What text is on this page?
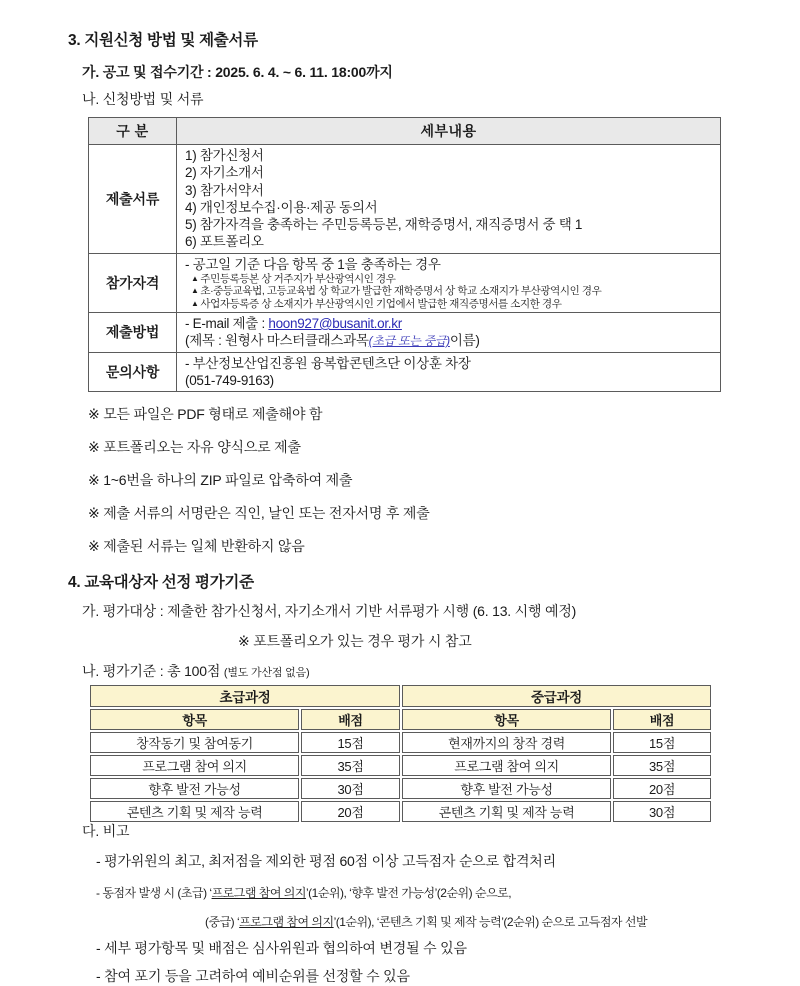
3. 지원신청 방법 및 제출서류
가. 공고 및 접수기간 : 2025. 6. 4. ~ 6. 11. 18:00까지
나. 신청방법 및 서류
구 분	세부내용
제출서류	
1) 참가신청서
2) 자기소개서
3) 참가서약서
4) 개인정보수집·이용·제공 동의서
5) 참가자격을 충족하는 주민등록등본, 재학증명서, 재직증명서 중 택 1
6) 포트폴리오

참가자격	
- 공고일 기준 다음 항목 중 1을 충족하는 경우
▲ 주민등록등본 상 거주지가 부산광역시인 경우
▲ 초·중등교육법, 고등교육법 상 학교가 발급한 재학증명서 상 학교 소재지가 부산광역시인 경우
▲ 사업자등록증 상 소재지가 부산광역시인 기업에서 발급한 재직증명서를 소지한 경우

제출방법	- E-mail 제출 : hoon927@busanit.or.kr
(제목 : 원형사 마스터클래스과목(초급 또는 중급)이름)

문의사항	- 부산정보산업진흥원 융복합콘텐츠단 이상훈 차장
(051-749-9163)
※ 모든 파일은 PDF 형태로 제출해야 함
※ 포트폴리오는 자유 양식으로 제출
※ 1~6번을 하나의 ZIP 파일로 압축하여 제출
※ 제출 서류의 서명란은 직인, 날인 또는 전자서명 후 제출
※ 제출된 서류는 일체 반환하지 않음
4. 교육대상자 선정 평가기준
가. 평가대상 : 제출한 참가신청서, 자기소개서 기반 서류평가 시행 (6. 13. 시행 예정)
※ 포트폴리오가 있는 경우 평가 시 참고
나. 평가기준 : 총 100점 (별도 가산점 없음)
초급과정		중급과정	
항목	배점	항목	배점
창작동기 및 참여동기	15점	현재까지의 창작 경력	15점
프로그램 참여 의지	35점	프로그램 참여 의지	35점
향후 발전 가능성	30점	향후 발전 가능성	20점
콘텐츠 기획 및 제작 능력	20점	콘텐츠 기획 및 제작 능력	30점
다. 비고
- 평가위원의 최고, 최저점을 제외한 평점 60점 이상 고득점자 순으로 합격처리
- 동점자 발생 시 (초급) ‘프로그램 참여 의지’(1순위), ‘향후 발전 가능성’(2순위) 순으로,
(중급) ‘프로그램 참여 의지’(1순위), ‘콘텐츠 기획 및 제작 능력’(2순위) 순으로 고득점자 선발
- 세부 평가항목 및 배점은 심사위원과 협의하여 변경될 수 있음
- 참여 포기 등을 고려하여 예비순위를 선정할 수 있음
